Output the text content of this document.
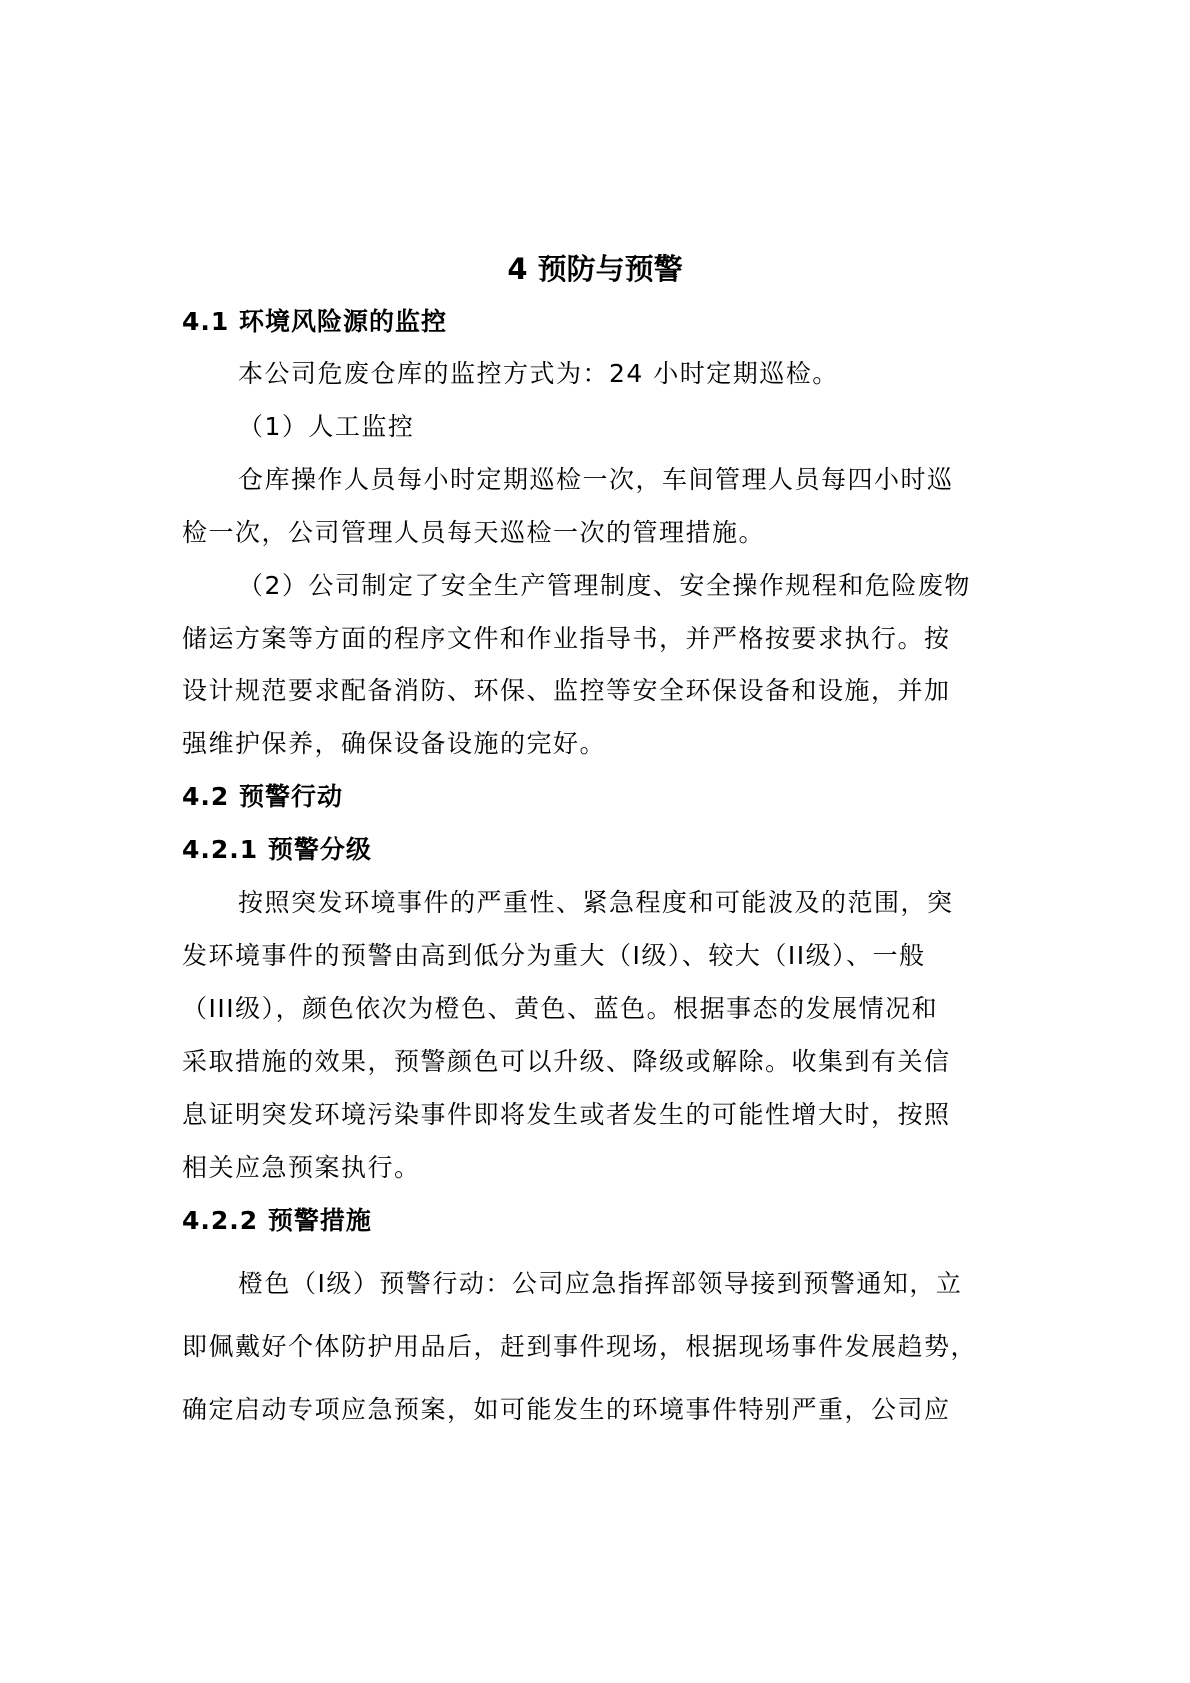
4 预防与预警

4.1 环境风险源的监控

本公司危废仓库的监控方式为：24 小时定期巡检。

（1）人工监控

仓库操作人员每小时定期巡检一次，车间管理人员每四小时巡

检一次，公司管理人员每天巡检一次的管理措施。

（2）公司制定了安全生产管理制度、安全操作规程和危险废物

储运方案等方面的程序文件和作业指导书，并严格按要求执行。按

设计规范要求配备消防、环保、监控等安全环保设备和设施，并加

强维护保养，确保设备设施的完好。

4.2 预警行动

4.2.1 预警分级

按照突发环境事件的严重性、紧急程度和可能波及的范围，突

发环境事件的预警由高到低分为重大（I级）、较大（II级）、一般

（III级），颜色依次为橙色、黄色、蓝色。根据事态的发展情况和

采取措施的效果，预警颜色可以升级、降级或解除。收集到有关信

息证明突发环境污染事件即将发生或者发生的可能性增大时，按照

相关应急预案执行。

4.2.2 预警措施

橙色（I级）预警行动：公司应急指挥部领导接到预警通知，立

即佩戴好个体防护用品后，赶到事件现场，根据现场事件发展趋势，

确定启动专项应急预案，如可能发生的环境事件特别严重，公司应
